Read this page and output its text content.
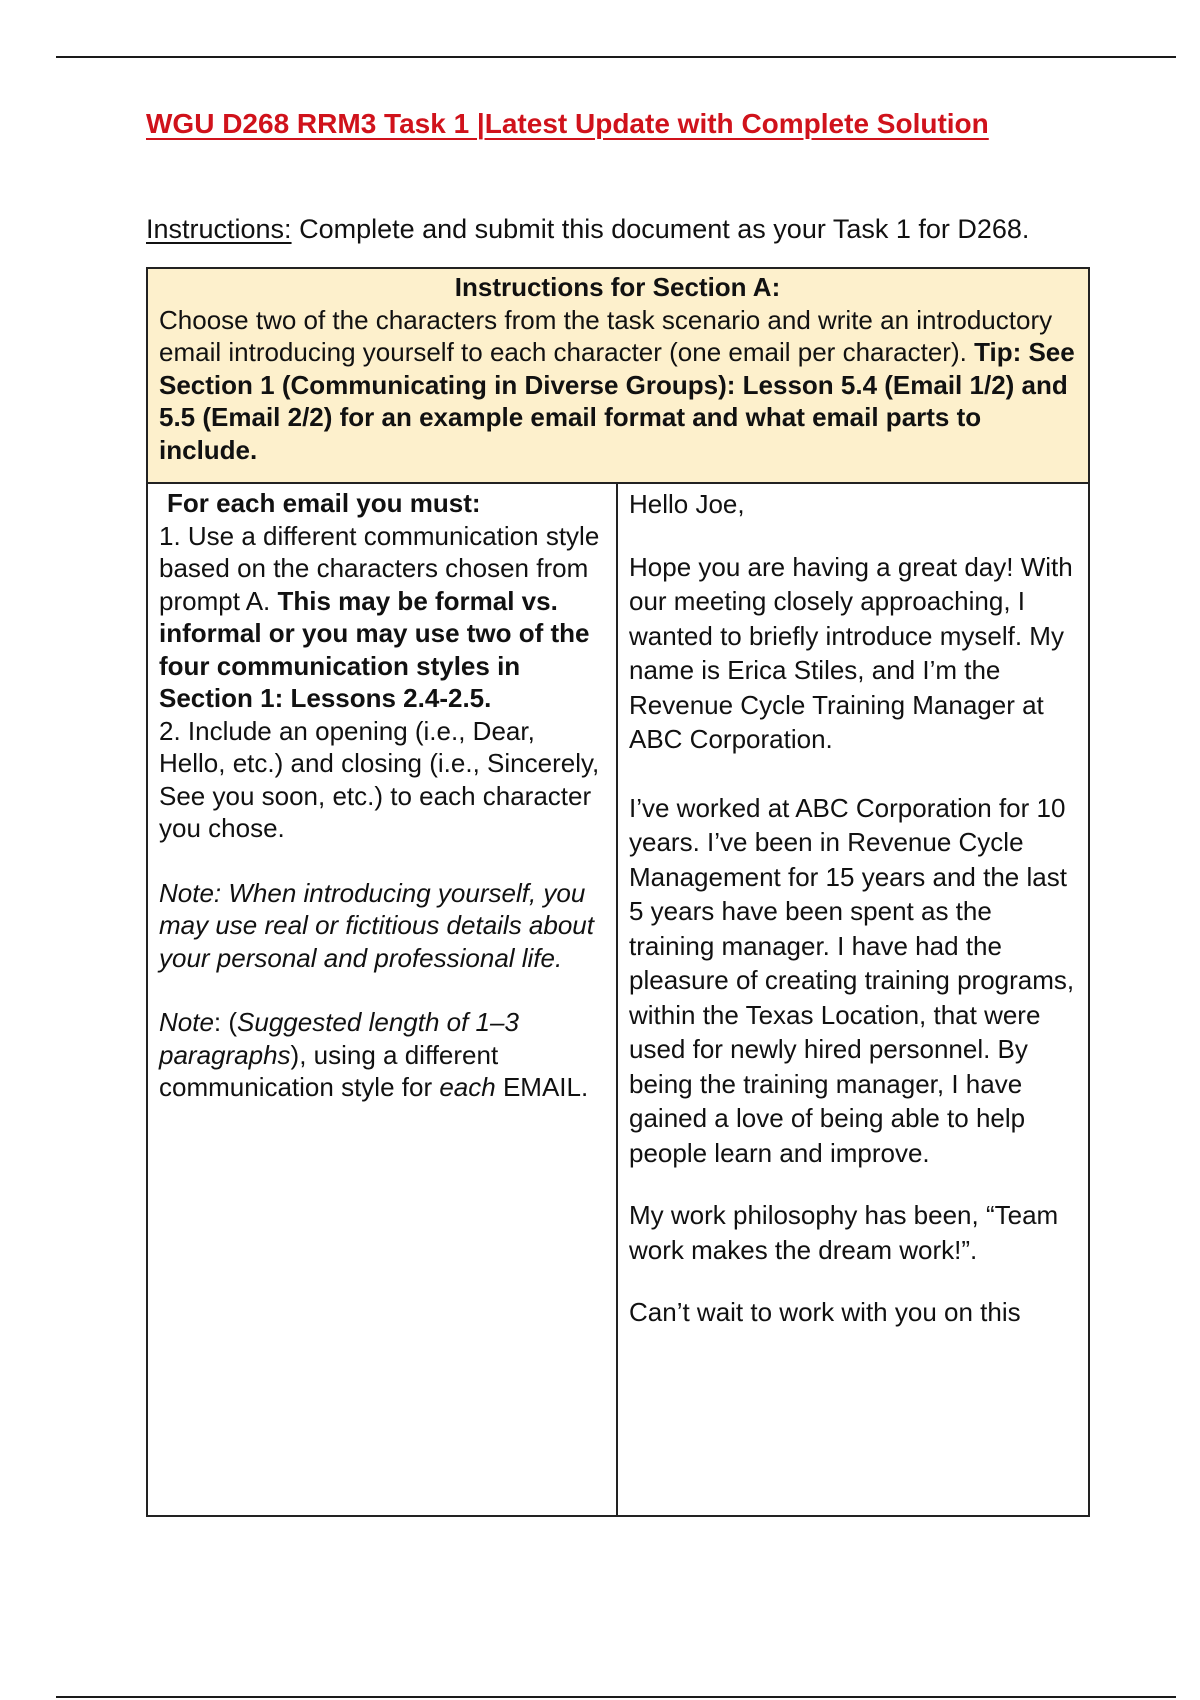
WGU D268 RRM3 Task 1 |Latest Update with Complete Solution
Instructions: Complete and submit this document as your Task 1 for D268.
Instructions for Section A:
Choose two of the characters from the task scenario and write an introductory email introducing yourself to each character (one email per character). Tip: See Section 1 (Communicating in Diverse Groups): Lesson 5.4 (Email 1/2) and 5.5 (Email 2/2) for an example email format and what email parts to include.

For each email you must:

1. Use a different communication style based on the characters chosen from prompt A. This may be formal vs. informal or you may use two of the four communication styles in Section 1: Lessons 2.4-2.5.

2. Include an opening (i.e., Dear, Hello, etc.) and closing (i.e., Sincerely, See you soon, etc.) to each character you chose.

Note: When introducing yourself, you may use real or fictitious details about your personal and professional life.

Note: (Suggested length of 1–3 paragraphs), using a different communication style for each EMAIL.

Hello Joe,

Hope you are having a great day! With our meeting closely approaching, I wanted to briefly introduce myself. My name is Erica Stiles, and I’m the Revenue Cycle Training Manager at ABC Corporation.

I’ve worked at ABC Corporation for 10 years. I’ve been in Revenue Cycle Management for 15 years and the last 5 years have been spent as the training manager. I have had the pleasure of creating training programs, within the Texas Location, that were used for newly hired personnel. By being the training manager, I have gained a love of being able to help people learn and improve.

My work philosophy has been, “Team work makes the dream work!”.

Can’t wait to work with you on this
